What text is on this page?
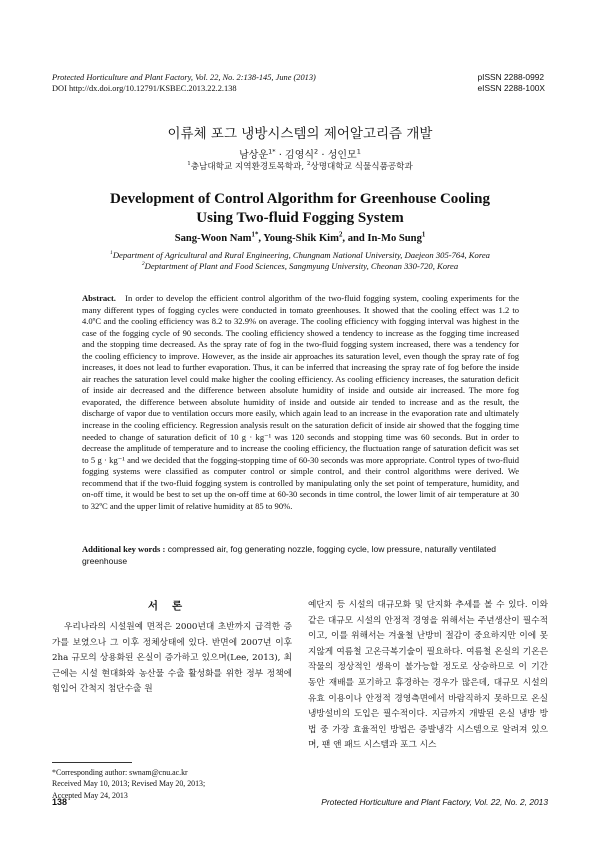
Protected Horticulture and Plant Factory, Vol. 22, No. 2:138-145, June (2013)
DOI http://dx.doi.org/10.12791/KSBEC.2013.22.2.138
pISSN 2288-0992
eISSN 2288-100X
이류체 포그 냉방시스템의 제어알고리즘 개발
남상운$^{1*}$ · 김영식$^2$ · 성인모$^1$
$^1$충남대학교 지역환경토목학과, $^2$상명대학교 식물식품공학과
Development of Control Algorithm for Greenhouse Cooling
Using Two-fluid Fogging System
Sang-Woon Nam$^{1*}$, Young-Shik Kim$^2$, and In-Mo Sung$^1$
$^1$Department of Agricultural and Rural Engineering, Chungnam National University, Daejeon 305-764, Korea
$^2$Deptartment of Plant and Food Sciences, Sangmyung University, Cheonan 330-720, Korea
Abstract. In order to develop the efficient control algorithm of the two-fluid fogging system, cooling experiments for the many different types of fogging cycles were conducted in tomato greenhouses. It showed that the cooling effect was 1.2 to 4.0ºC and the cooling efficiency was 8.2 to 32.9% on average. The cooling efficiency with fogging interval was highest in the case of the fogging cycle of 90 seconds. The cooling efficiency showed a tendency to increase as the fogging time increased and the stopping time decreased. As the spray rate of fog in the two-fluid fogging system increased, there was a tendency for the cooling efficiency to improve. However, as the inside air approaches its saturation level, even though the spray rate of fog increases, it does not lead to further evaporation. Thus, it can be inferred that increasing the spray rate of fog before the inside air reaches the saturation level could make higher the cooling efficiency. As cooling efficiency increases, the saturation deficit of inside air decreased and the difference between absolute humidity of inside and outside air increased. The more fog evaporated, the difference between absolute humidity of inside and outside air tended to increase and as the result, the discharge of vapor due to ventilation occurs more easily, which again lead to an increase in the evaporation rate and ultimately increase in the cooling efficiency. Regression analysis result on the saturation deficit of inside air showed that the fogging time needed to change of saturation deficit of 10 g · kg⁻¹ was 120 seconds and stopping time was 60 seconds. But in order to decrease the amplitude of temperature and to increase the cooling efficiency, the fluctuation range of saturation deficit was set to 5 g · kg⁻¹ and we decided that the fogging-stopping time of 60-30 seconds was more appropriate. Control types of two-fluid fogging systems were classified as computer control or simple control, and their control algorithms were derived. We recommend that if the two-fluid fogging system is controlled by manipulating only the set point of temperature, humidity, and on-off time, it would be best to set up the on-off time at 60-30 seconds in time control, the lower limit of air temperature at 30 to 32ºC and the upper limit of relative humidity at 85 to 90%.
Additional key words : compressed air, fog generating nozzle, fogging cycle, low pressure, naturally ventilated greenhouse
서론
우리나라의 시설원예 면적은 2000년대 초반까지 급격한 증가를 보였으나 그 이후 정체상태에 있다. 반면에 2007년 이후 2ha 규모의 상용화된 온실이 증가하고 있으며(Lee, 2013), 최근에는 시설 현대화와 농산물 수출 활성화를 위한 정부 정책에 힘입어 간척지 첨단수출 원
예단지 등 시설의 대규모화 및 단지화 추세를 볼 수 있다. 이와 같은 대규모 시설의 안정적 경영을 위해서는 주년생산이 필수적이고, 이를 위해서는 겨울철 난방비 절감이 중요하지만 이에 못지않게 여름철 고온극복기술이 필요하다. 여름철 온실의 기온은 작물의 정상적인 생육이 불가능할 정도로 상승하므로 이 기간 동안 재배를 포기하고 휴경하는 경우가 많은데, 대규모 시설의 유효 이용이나 안정적 경영측면에서 바람직하지 못하므로 온실 냉방설비의 도입은 필수적이다. 지금까지 개발된 온실 냉방 방법 중 가장 효율적인 방법은 증발냉각 시스템으로 알려져 있으며, 팬 앤 패드 시스템과 포그 시스
*Corresponding author: swnam@cnu.ac.kr
Received May 10, 2013; Revised May 20, 2013;
Accepted May 24, 2013
138	Protected Horticulture and Plant Factory, Vol. 22, No. 2, 2013
